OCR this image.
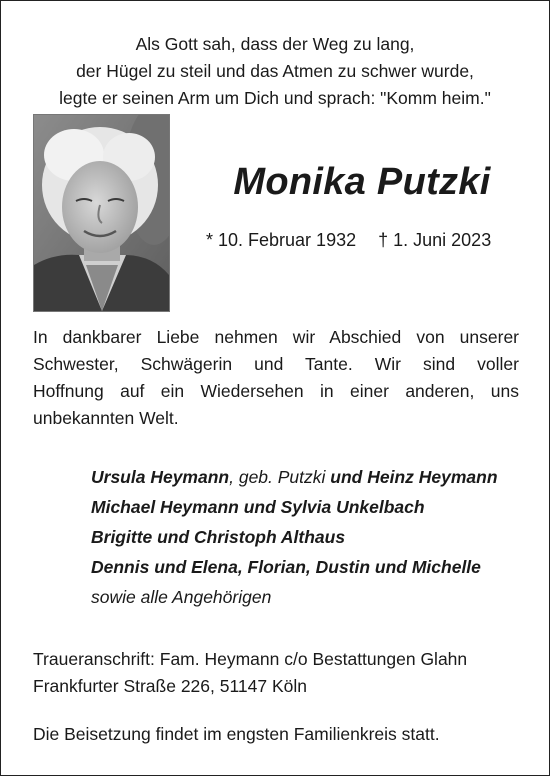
Als Gott sah, dass der Weg zu lang,
der Hügel zu steil und das Atmen zu schwer wurde,
legte er seinen Arm um Dich und sprach: "Komm heim."
Monika Putzki
* 10. Februar 1932 † 1. Juni 2023
In dankbarer Liebe nehmen wir Abschied von unserer
Schwester, Schwägerin und Tante. Wir sind voller
Hoffnung auf ein Wiedersehen in einer anderen, uns
unbekannten Welt.
Ursula Heymann, geb. Putzki und Heinz Heymann
Michael Heymann und Sylvia Unkelbach
Brigitte und Christoph Althaus
Dennis und Elena, Florian, Dustin und Michelle
sowie alle Angehörigen
Traueranschrift: Fam. Heymann c/o Bestattungen Glahn
Frankfurter Straße 226, 51147 Köln
Die Beisetzung findet im engsten Familienkreis statt.
